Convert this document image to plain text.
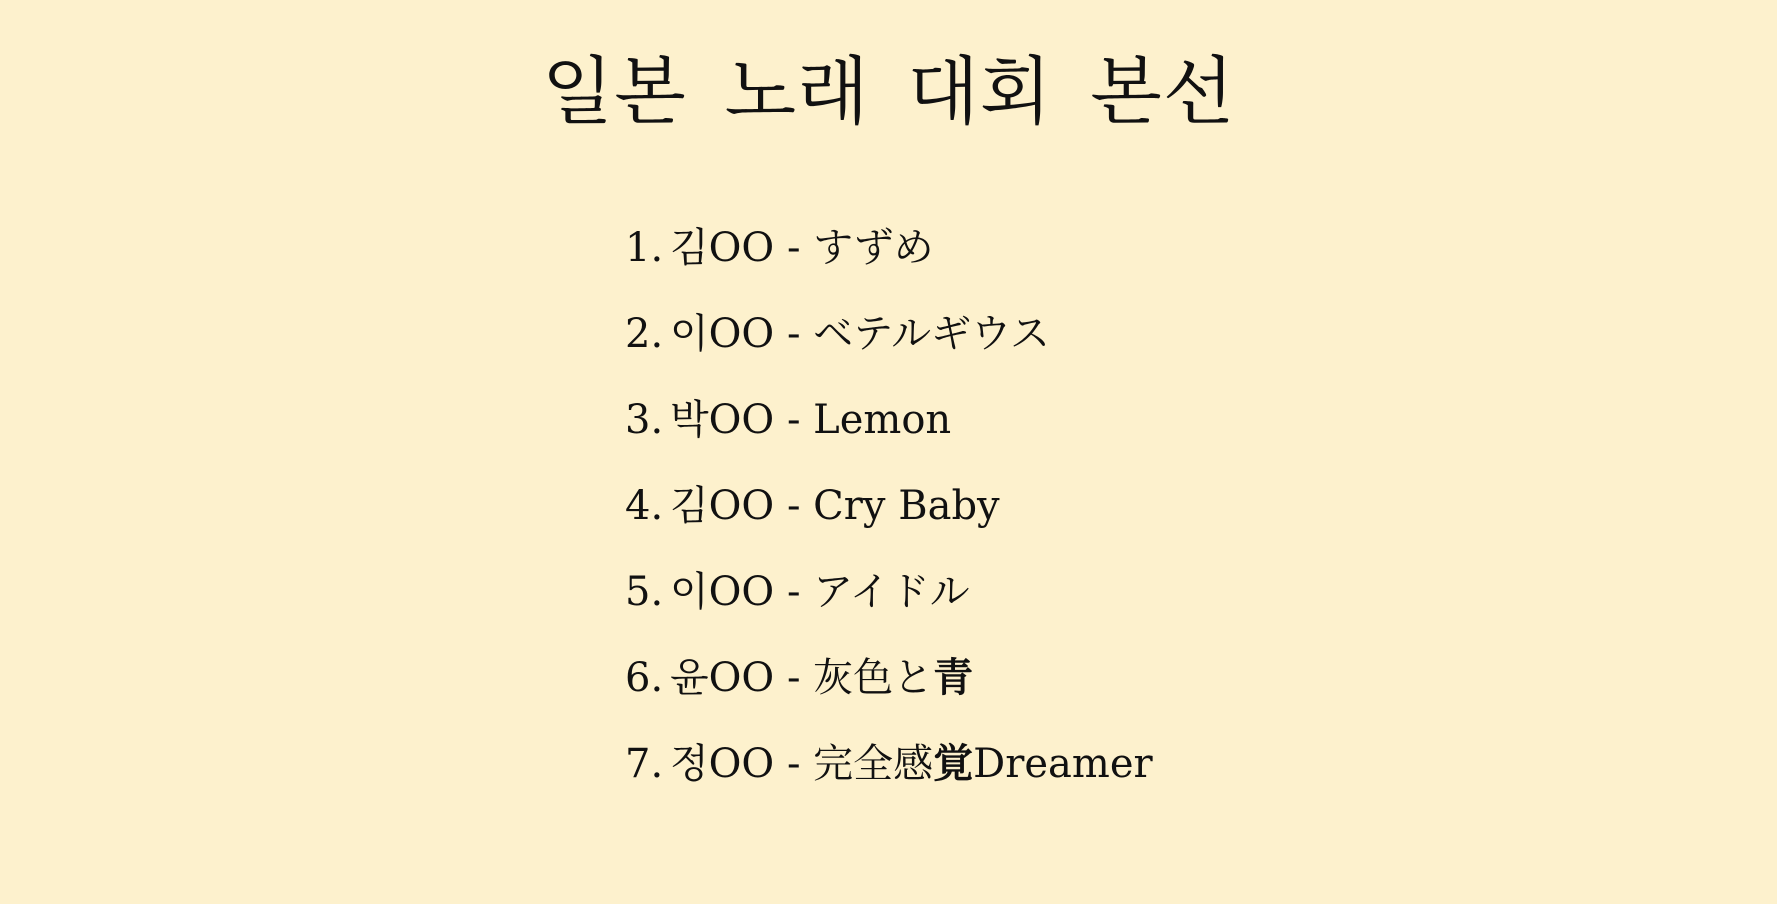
일본 노래 대회 본선
1. 김OO - すずめ
2. 이OO - ベテルギウス
3. 박OO - Lemon
4. 김OO - Cry Baby
5. 이OO - アイドル
6. 윤OO - 灰色と青
7. 정OO - 完全感覚Dreamer
